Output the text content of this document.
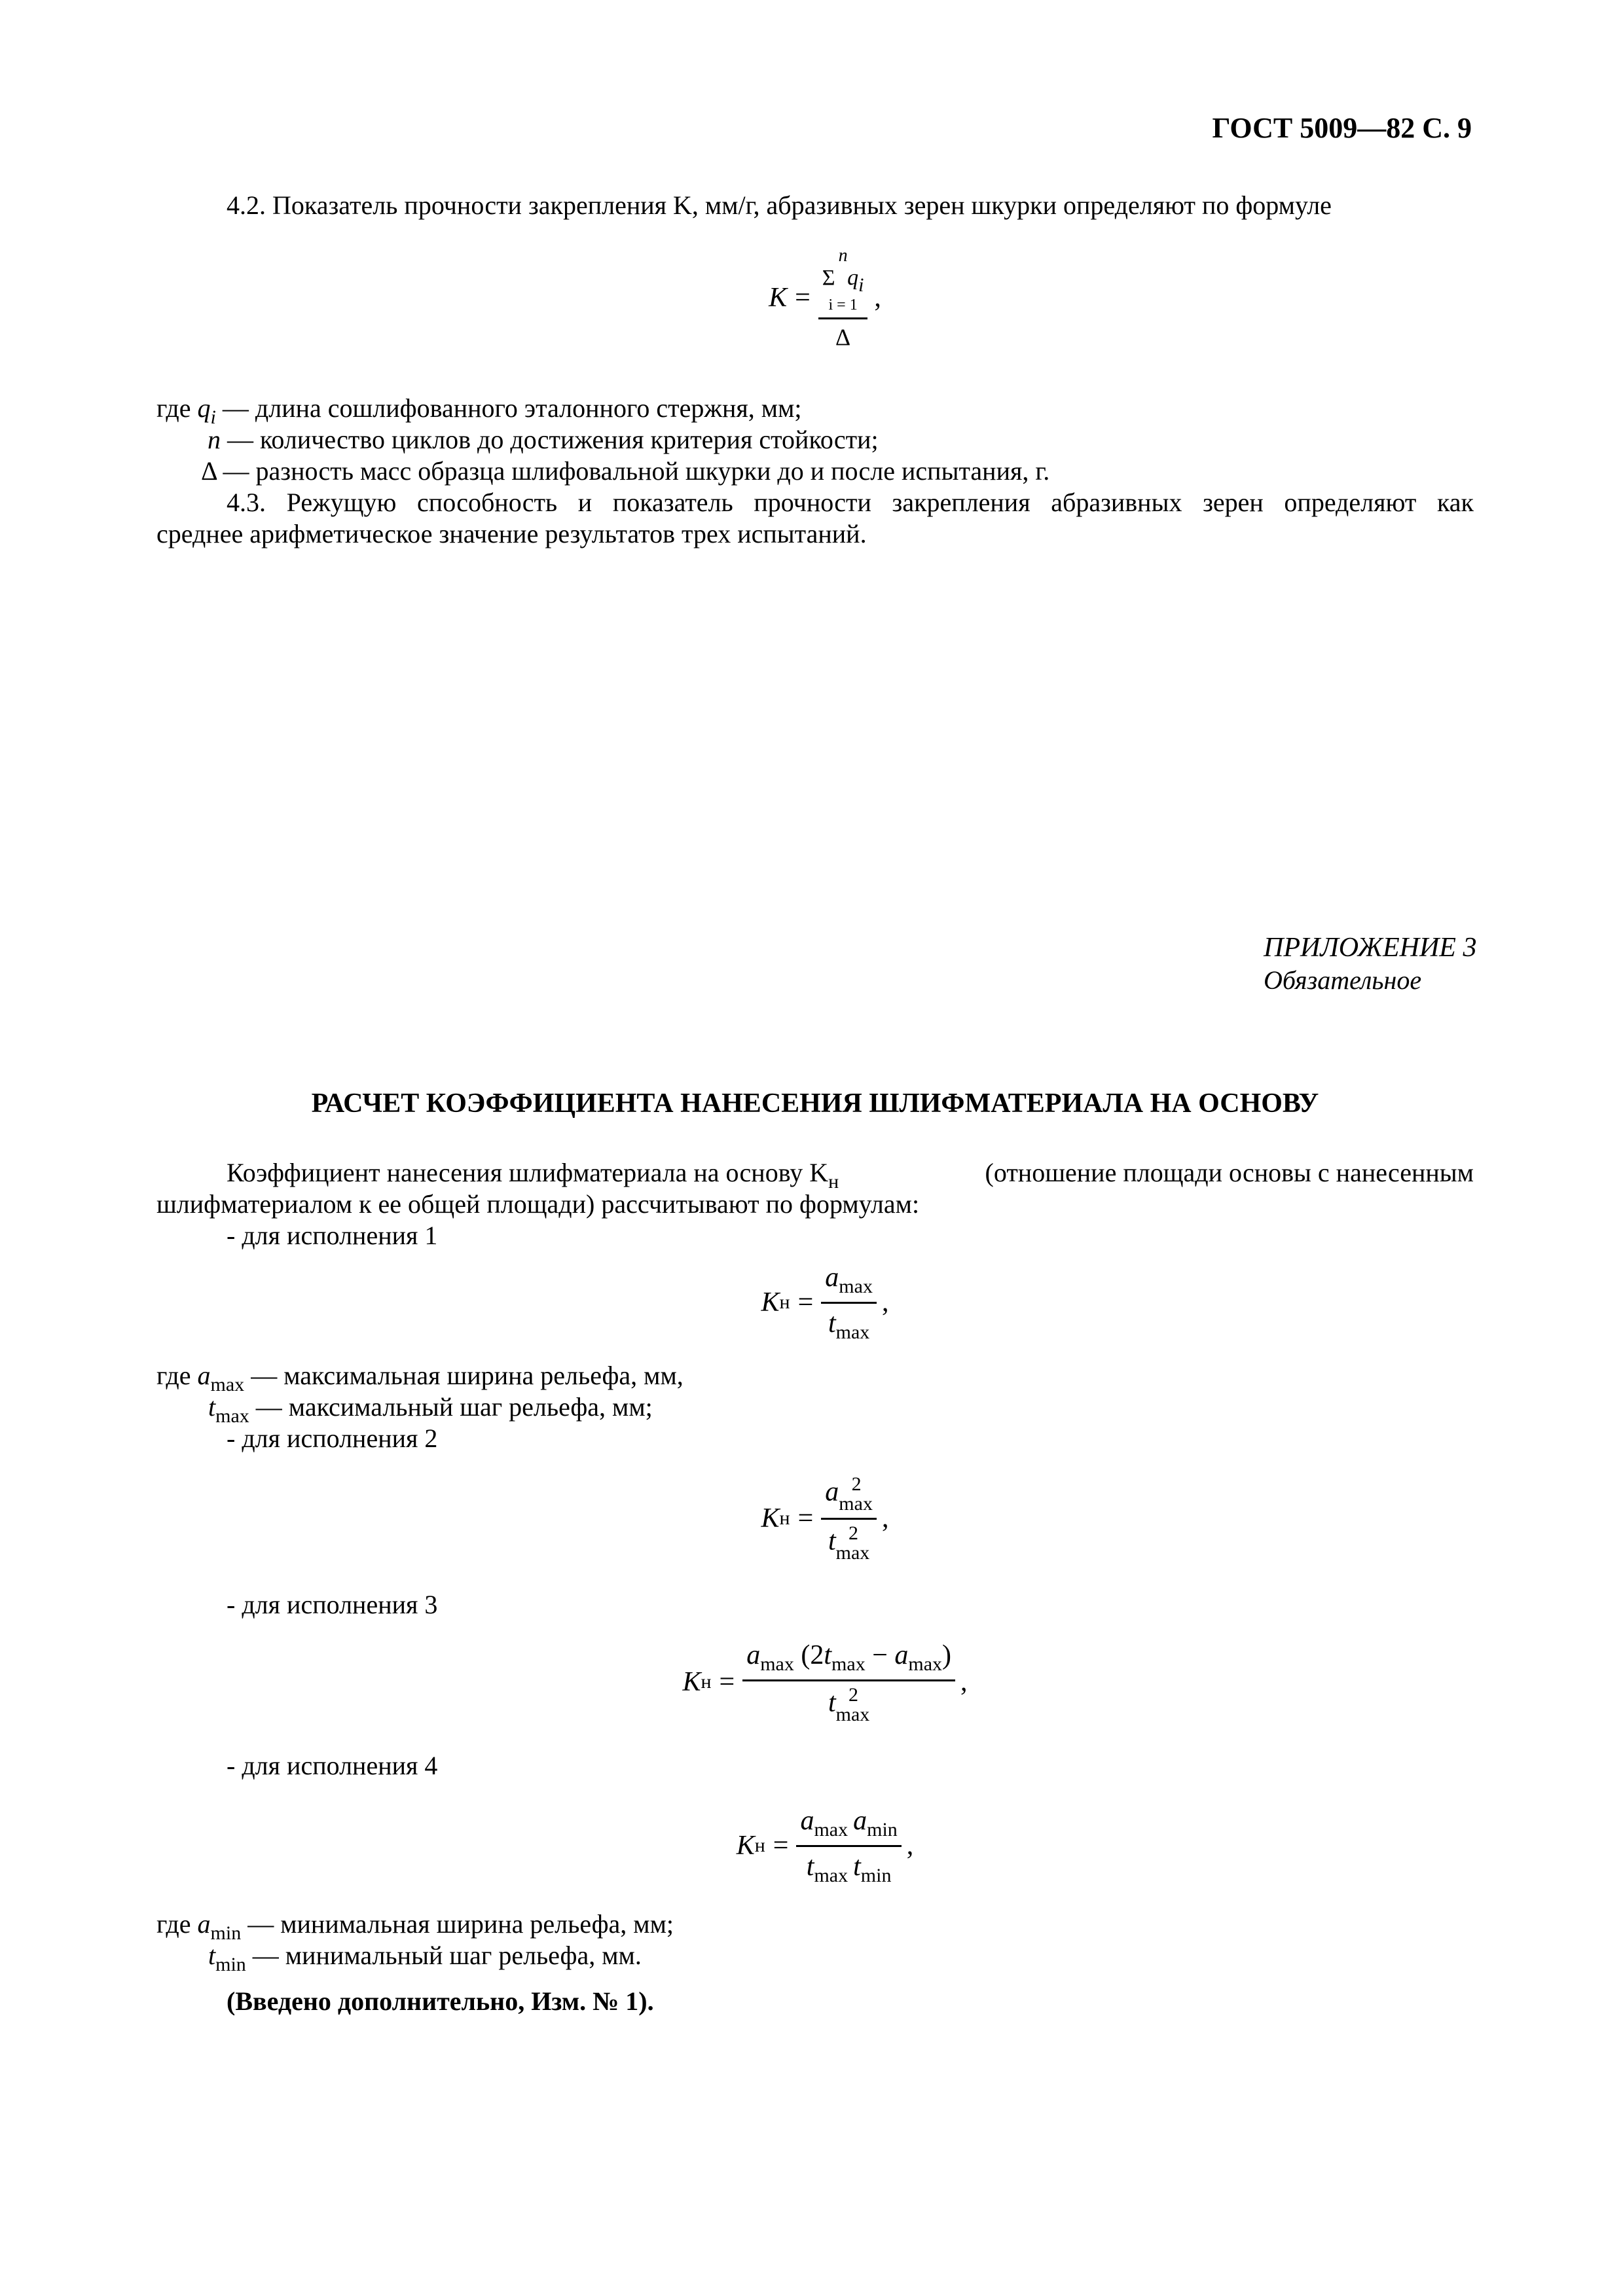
ГОСТ 5009—82 С. 9
4.2. Показатель прочности закрепления K, мм/г, абразивных зерен шкурки определяют по формуле
K = n
Σ qi
i = 1
Δ ,
где $q_i$ — длина сошлифованного эталонного стержня, мм;
n — количество циклов до достижения критерия стойкости;
Δ — разность масс образца шлифовальной шкурки до и после испытания, г.
4.3. Режущую способность и показатель прочности закрепления абразивных зерен определяют как
среднее арифметическое значение результатов трех испытаний.
ПРИЛОЖЕНИЕ 3
Обязательное
РАСЧЕТ КОЭФФИЦИЕНТА НАНЕСЕНИЯ ШЛИФМАТЕРИАЛА НА ОСНОВУ
Коэффициент нанесения шлифматериала на основу $K_н$	(отношение площади основы с нанесенным
шлифматериалом к ее общей площади) рассчитывают по формулам:
- для исполнения 1
K $н = \frac{a_{max}}{t_{max}}$ ,
где $a_{max}$ — максимальная ширина рельефа, мм,
$t_{max}$ — максимальный шаг рельефа, мм;
- для исполнения 2
K н = a 2
max
t 2
max ,
- для исполнения 3
K $н = a_{max}$ $(2t_{max} - a_{max})$
t 2
max ,
- для исполнения 4
K $н = \frac{a_{max} a_{min}}{t_{max} t_{min}}$ ,
где $a_{min}$ — минимальная ширина рельефа, мм;
$t_{min}$ — минимальный шаг рельефа, мм.
(Введено дополнительно, Изм. № 1).
